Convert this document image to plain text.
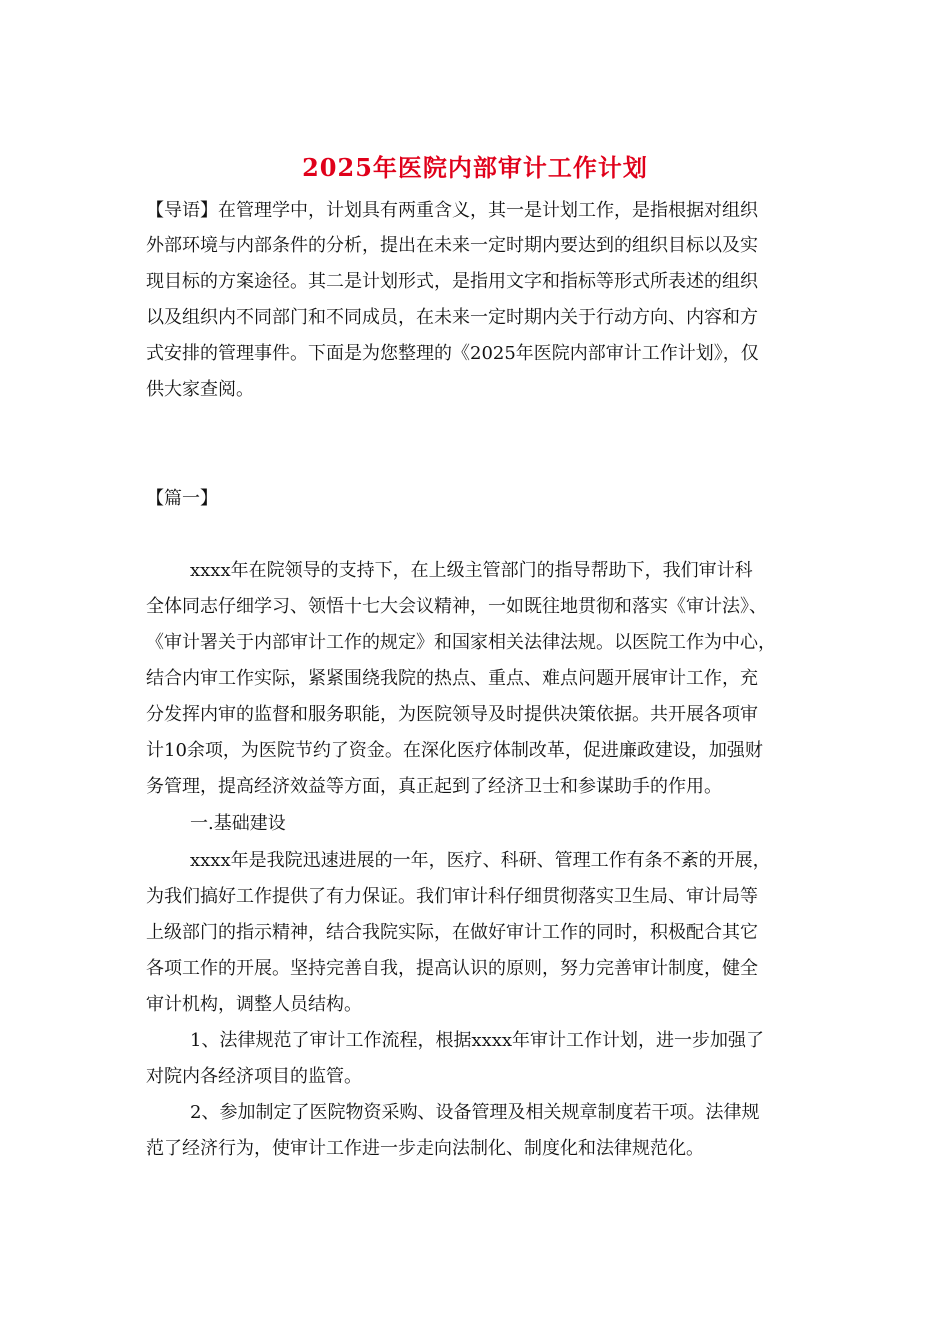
2025年医院内部审计工作计划
【导语】在管理学中，计划具有两重含义，其一是计划工作，是指根据对组织
外部环境与内部条件的分析，提出在未来一定时期内要达到的组织目标以及实
现目标的方案途径。其二是计划形式，是指用文字和指标等形式所表述的组织
以及组织内不同部门和不同成员，在未来一定时期内关于行动方向、内容和方
式安排的管理事件。下面是为您整理的《2025年医院内部审计工作计划》，仅
供大家查阅。
【篇一】
xxxx年在院领导的支持下，在上级主管部门的指导帮助下，我们审计科
全体同志仔细学习、领悟十七大会议精神，一如既往地贯彻和落实《审计法》、
《审计署关于内部审计工作的规定》和国家相关法律法规。以医院工作为中心，
结合内审工作实际，紧紧围绕我院的热点、重点、难点问题开展审计工作，充
分发挥内审的监督和服务职能，为医院领导及时提供决策依据。共开展各项审
计10余项，为医院节约了资金。在深化医疗体制改革，促进廉政建设，加强财
务管理，提高经济效益等方面，真正起到了经济卫士和参谋助手的作用。
一.基础建设
xxxx年是我院迅速进展的一年，医疗、科研、管理工作有条不紊的开展，
为我们搞好工作提供了有力保证。我们审计科仔细贯彻落实卫生局、审计局等
上级部门的指示精神，结合我院实际，在做好审计工作的同时，积极配合其它
各项工作的开展。坚持完善自我，提高认识的原则，努力完善审计制度，健全
审计机构，调整人员结构。
1、法律规范了审计工作流程，根据xxxx年审计工作计划，进一步加强了
对院内各经济项目的监管。
2、参加制定了医院物资采购、设备管理及相关规章制度若干项。法律规
范了经济行为，使审计工作进一步走向法制化、制度化和法律规范化。
